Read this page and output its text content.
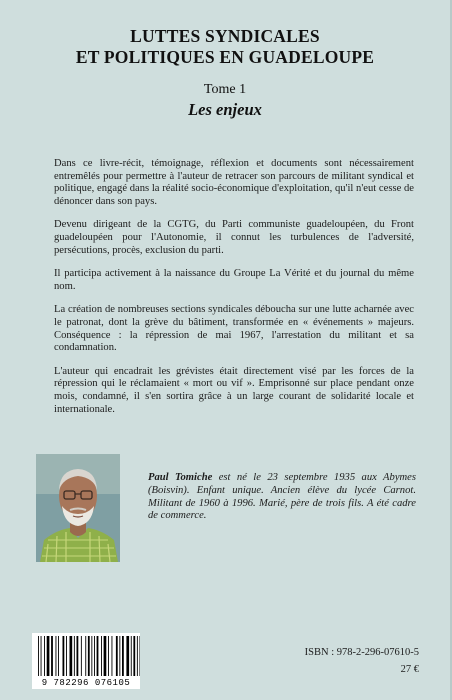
LUTTES SYNDICALES
ET POLITIQUES EN GUADELOUPE
Tome 1
Les enjeux

Dans ce livre-récit, témoignage, réflexion et documents sont nécessairement entremêlés pour permettre à l'auteur de retracer son parcours de militant syndical et politique, engagé dans la réalité socio-économique d'exploitation, qu'il n'eut cesse de dénoncer dans son pays.

Devenu dirigeant de la CGTG, du Parti communiste guadeloupéen, du Front guadeloupéen pour l'Autonomie, il connut les turbulences de l'adversité, persécutions, procès, exclusion du parti.

Il participa activement à la naissance du Groupe La Vérité et du journal du même nom.

La création de nombreuses sections syndicales déboucha sur une lutte acharnée avec le patronat, dont la grève du bâtiment, transformée en « événements » majeurs. Conséquence : la répression de mai 1967, l'arrestation du militant et sa condamnation.

L'auteur qui encadrait les grévistes était directement visé par les forces de la répression qui le réclamaient « mort ou vif ». Emprisonné sur place pendant onze mois, condamné, il s'en sortira grâce à un large courant de solidarité locale et internationale.

Paul Tomiche est né le 23 septembre 1935 aux Abymes (Boisvin). Enfant unique. Ancien élève du lycée Carnot. Militant de 1960 à 1996. Marié, père de trois fils. A été cadre de commerce.
9 782296 076105
ISBN : 978-2-296-07610-5
27 €
